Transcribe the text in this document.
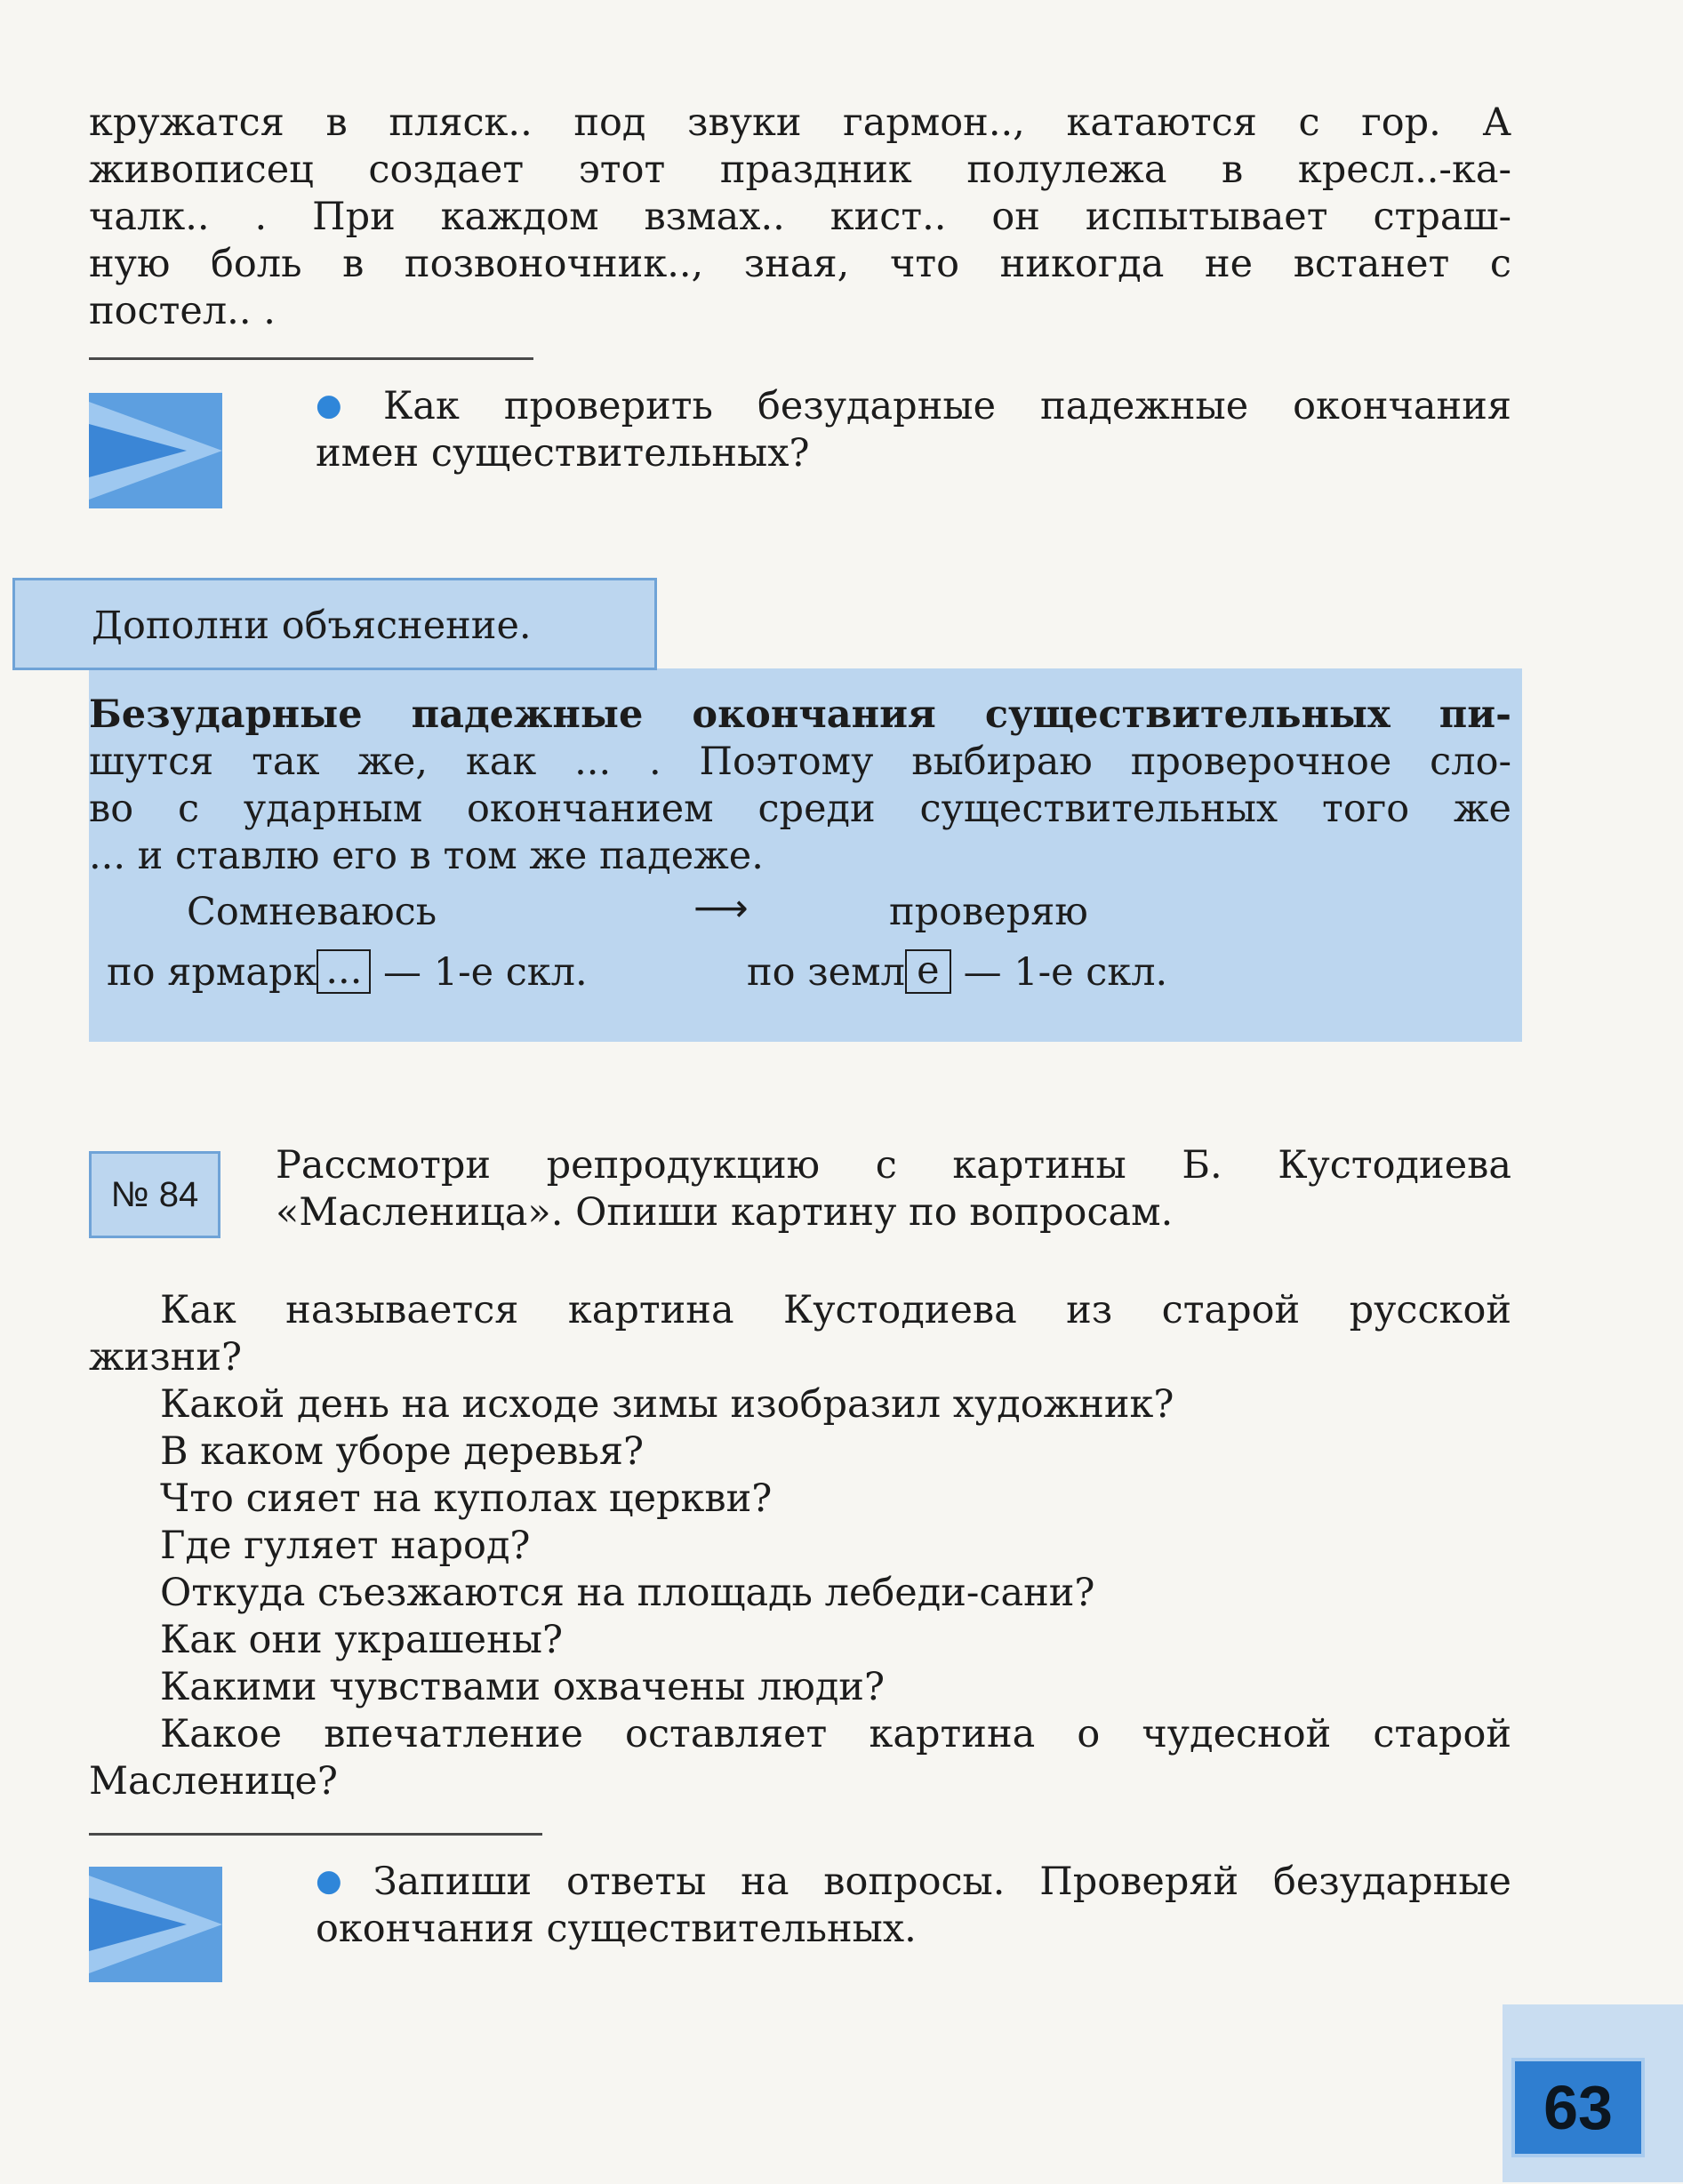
кружатся в пляск.. под звуки гармон.., катаются с гор. А
живописец создает этот праздник полулежа в кресл..-ка-
чалк.. . При каждом взмах.. кист.. он испытывает страш-
ную боль в позвоночник.., зная, что никогда не встанет с
постел.. .
● Как проверить безударные падежные окончания
имен существительных?
Дополни объяснение.
Безударные падежные окончания существительных пи-
шутся так же, как ... . Поэтому выбираю проверочное сло-
во с ударным окончанием среди существительных того же
... и ставлю его в том же падеже.
Сомневаюсь	⟶	проверяю
по ярмарк ... — 1-е скл.	по земл е — 1-е скл.
№ 84
Рассмотри репродукцию с картины Б. Кустодиева
«Масленица». Опиши картину по вопросам.
Как называется картина Кустодиева из старой русской
жизни?
Какой день на исходе зимы изобразил художник?
В каком уборе деревья?
Что сияет на куполах церкви?
Где гуляет народ?
Откуда съезжаются на площадь лебеди-сани?
Как они украшены?
Какими чувствами охвачены люди?
Какое впечатление оставляет картина о чудесной старой
Масленице?
● Запиши ответы на вопросы. Проверяй безударные
окончания существительных.
63
